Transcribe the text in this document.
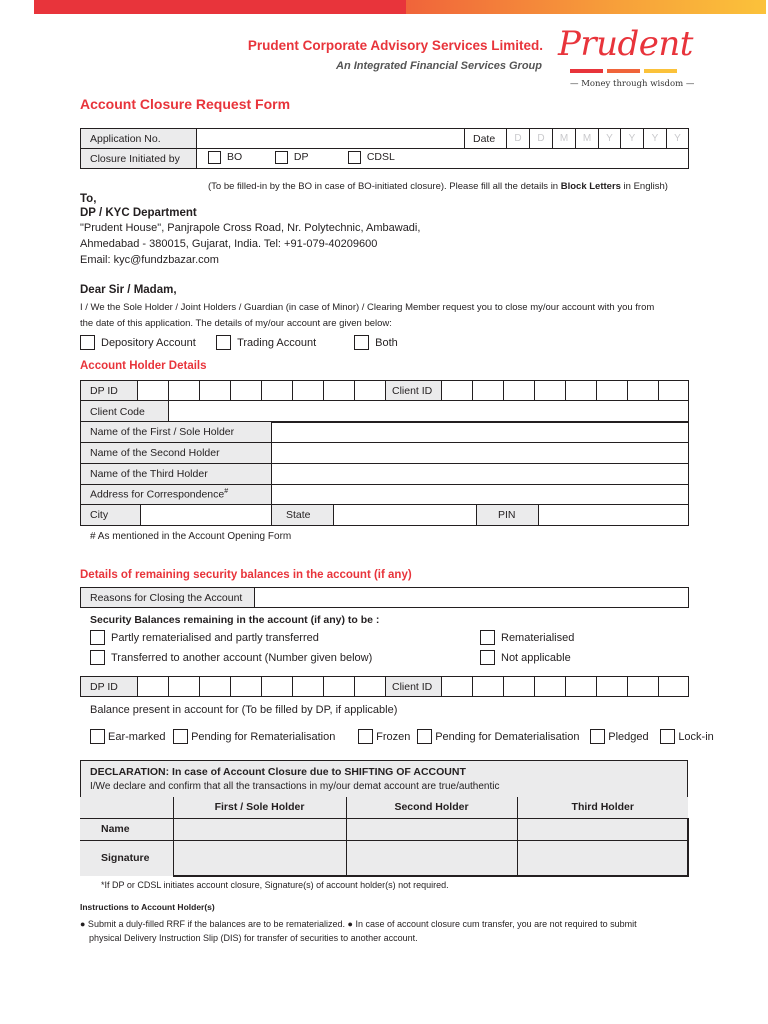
Prudent Corporate Advisory Services Limited.
An Integrated Financial Services Group
Prudent
— Money through wisdom —
Account Closure Request Form
Application No.		Date	D	D	M	M	Y	Y	Y	Y
Closure Initiated by	BO
DP
CDSL									
(To be filled-in by the BO in case of BO-initiated closure). Please fill all the details in Block Letters in English)
To,
DP / KYC Department
"Prudent House", Panjrapole Cross Road, Nr. Polytechnic, Ambawadi,
Ahmedabad - 380015, Gujarat, India. Tel: +91-079-40209600
Email: kyc@fundzbazar.com
Dear Sir / Madam,
I / We the Sole Holder / Joint Holders / Guardian (in case of Minor) / Clearing Member request you to close my/our account with you from
the date of this application. The details of my/our account are given below:
Depository Account
	Trading Account
	Both
Account Holder Details
DP ID									Client ID								
Client Code	
Name of the First / Sole Holder	
Name of the Second Holder	
Name of the Third Holder	
Address for Correspondence#	
City		State		PIN	
# As mentioned in the Account Opening Form
Details of remaining security balances in the account (if any)
Reasons for Closing the Account	
Security Balances remaining in the account (if any) to be :
Partly rematerialised and partly transferred
Transferred to another account (Number given below)
Rematerialised
Not applicable
DP ID									Client ID								
Balance present in account for (To be filled by DP, if applicable)
Ear-marked
Pending for Rematerialisation
	Frozen
Pending for Dematerialisation
	Pledged
	Lock-in
DECLARATION: In case of Account Closure due to SHIFTING OF ACCOUNT
I/We declare and confirm that all the transactions in my/our demat account are true/authentic
	First / Sole Holder	Second Holder	Third Holder
Name			
Signature			
*If DP or CDSL initiates account closure, Signature(s) of account holder(s) not required.
Instructions to Account Holder(s)
● Submit a duly-filled RRF if the balances are to be rematerialized. ● In case of account closure cum transfer, you are not required to submit
physical Delivery Instruction Slip (DIS) for transfer of securities to another account.
